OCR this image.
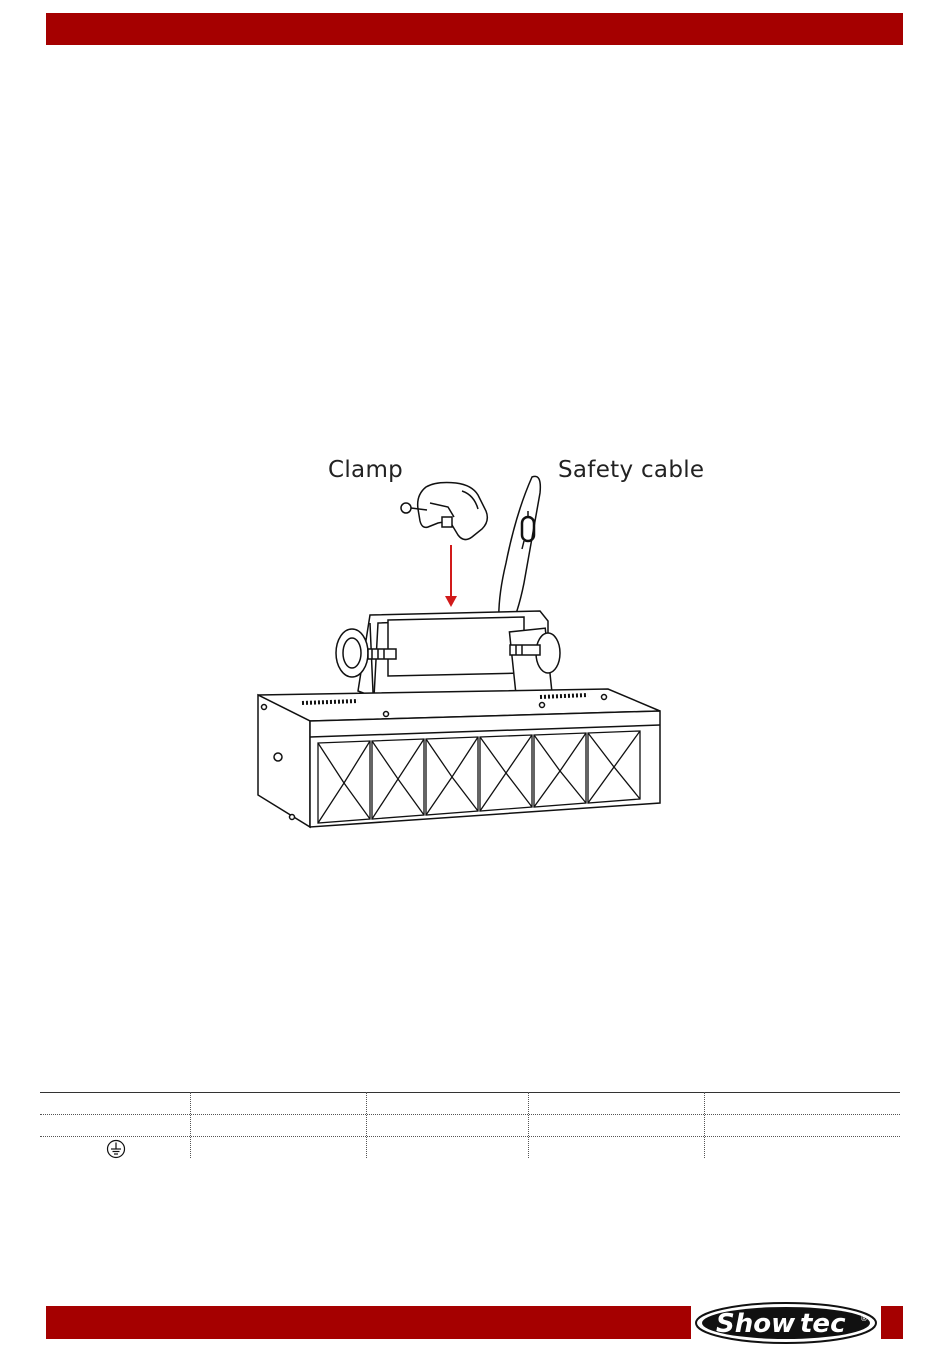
Clamp	Safety cable
Show tec ®
